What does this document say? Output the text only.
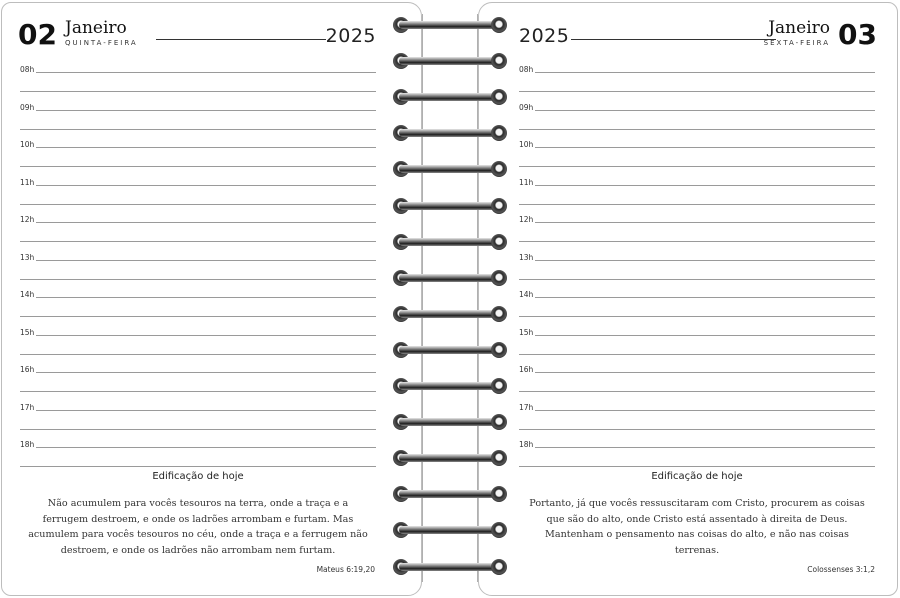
02 Janeiro
QUINTA-FEIRA	2025
08h
09h
10h
11h
12h
13h
14h
15h
16h
17h
18h
Edificação de hoje
Não acumulem para vocês tesouros na terra, onde a traça e a ferrugem destroem, e onde os ladrões arrombam e furtam. Mas acumulem para vocês tesouros no céu, onde a traça e a ferrugem não destroem, e onde os ladrões não arrombam nem furtam.
Mateus 6:19,20
2025	Janeiro
SEXTA-FEIRA 03
08h
09h
10h
11h
12h
13h
14h
15h
16h
17h
18h
Edificação de hoje
Portanto, já que vocês ressuscitaram com Cristo, procurem as coisas que são do alto, onde Cristo está assentado à direita de Deus. Mantenham o pensamento nas coisas do alto, e não nas coisas terrenas.
Colossenses 3:1,2
